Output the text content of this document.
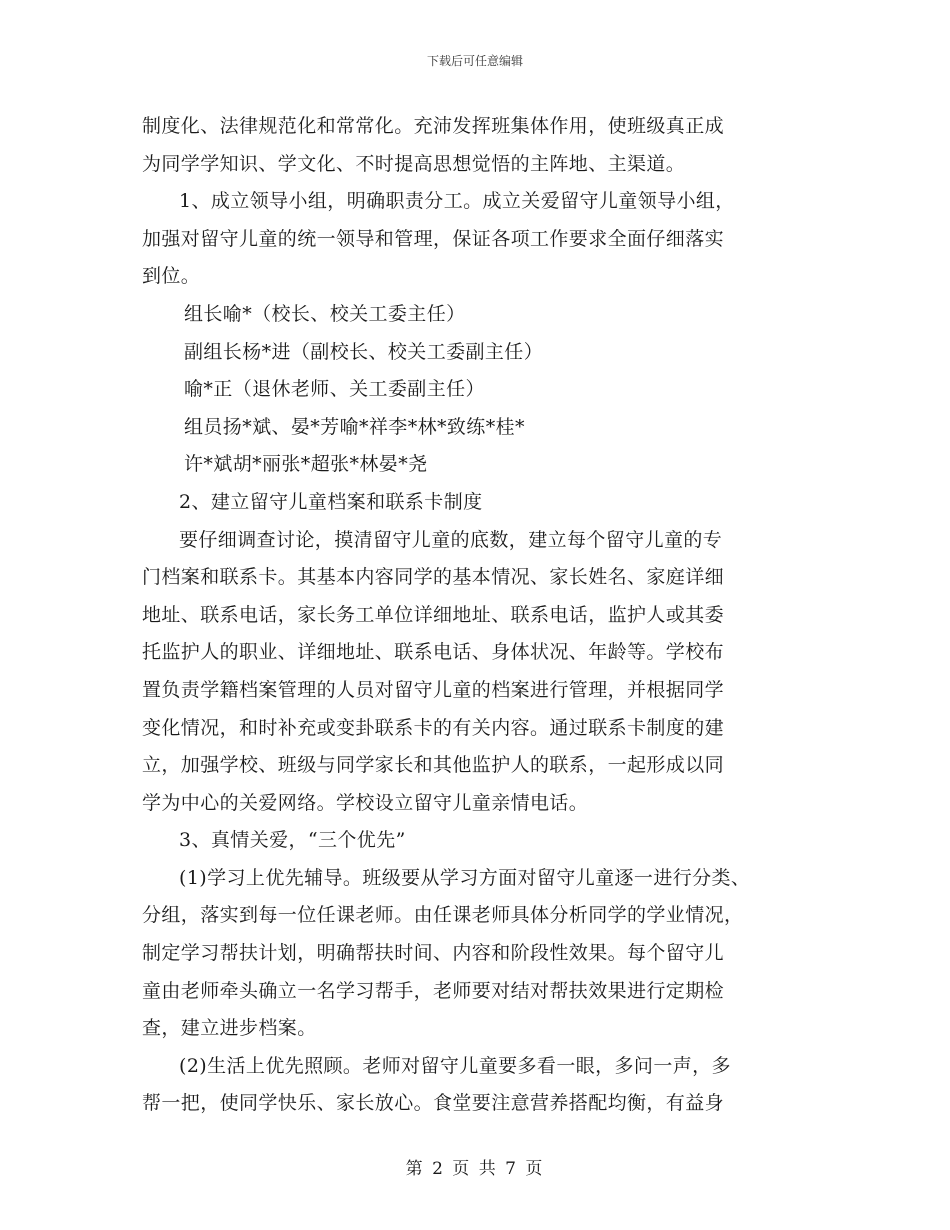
下载后可任意编辑
制度化、法律规范化和常常化。充沛发挥班集体作用，使班级真正成
为同学学知识、学文化、不时提高思想觉悟的主阵地、主渠道。
1、成立领导小组，明确职责分工。成立关爱留守儿童领导小组，
加强对留守儿童的统一领导和管理，保证各项工作要求全面仔细落实
到位。
组长喻*（校长、校关工委主任）
副组长杨*进（副校长、校关工委副主任）
喻*正（退休老师、关工委副主任）
组员扬*斌、晏*芳喻*祥李*林*致练*桂*
许*斌胡*丽张*超张*林晏*尧
2、建立留守儿童档案和联系卡制度
要仔细调查讨论，摸清留守儿童的底数，建立每个留守儿童的专
门档案和联系卡。其基本内容同学的基本情况、家长姓名、家庭详细
地址、联系电话，家长务工单位详细地址、联系电话，监护人或其委
托监护人的职业、详细地址、联系电话、身体状况、年龄等。学校布
置负责学籍档案管理的人员对留守儿童的档案进行管理，并根据同学
变化情况，和时补充或变卦联系卡的有关内容。通过联系卡制度的建
立，加强学校、班级与同学家长和其他监护人的联系，一起形成以同
学为中心的关爱网络。学校设立留守儿童亲情电话。
3、真情关爱，“三个优先”
(1)学习上优先辅导。班级要从学习方面对留守儿童逐一进行分类、
分组，落实到每一位任课老师。由任课老师具体分析同学的学业情况，
制定学习帮扶计划，明确帮扶时间、内容和阶段性效果。每个留守儿
童由老师牵头确立一名学习帮手，老师要对结对帮扶效果进行定期检
查，建立进步档案。
(2)生活上优先照顾。老师对留守儿童要多看一眼，多问一声，多
帮一把，使同学快乐、家长放心。食堂要注意营养搭配均衡，有益身
第 2 页 共 7 页
